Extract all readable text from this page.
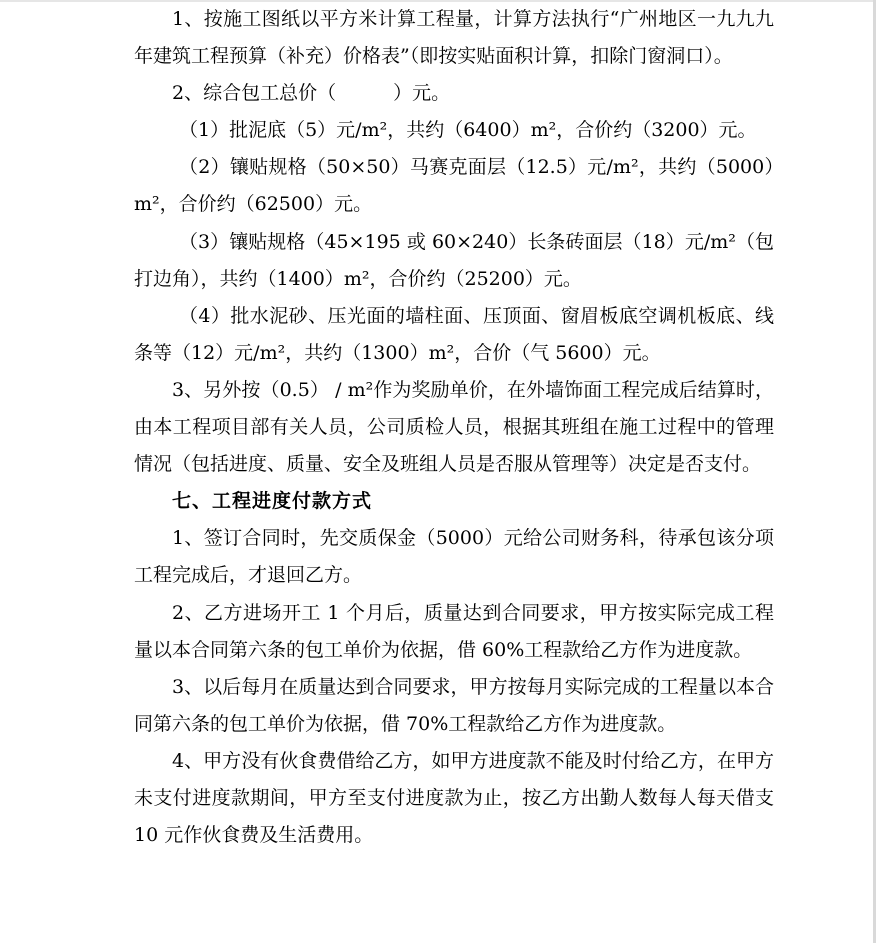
1、按施工图纸以平方米计算工程量，计算方法执行“广州地区一九九九年建筑工程预算（补充）价格表”（即按实贴面积计算，扣除门窗洞口）。

2、综合包工总价（　　　）元。

（1）批泥底（5）元/m²，共约（6400）m²，合价约（3200）元。

（2）镶贴规格（50×50）马赛克面层（12.5）元/m²，共约（5000）m²，合价约（62500）元。

（3）镶贴规格（45×195 或 60×240）长条砖面层（18）元/m²（包打边角），共约（1400）m²，合价约（25200）元。

（4）批水泥砂、压光面的墙柱面、压顶面、窗眉板底空调机板底、线条等（12）元/m²，共约（1300）m²，合价（气 5600）元。

3、另外按（0.5） / m²作为奖励单价，在外墙饰面工程完成后结算时，由本工程项目部有关人员，公司质检人员，根据其班组在施工过程中的管理情况（包括进度、质量、安全及班组人员是否服从管理等）决定是否支付。

七、工程进度付款方式

1、签订合同时，先交质保金（5000）元给公司财务科，待承包该分项工程完成后，才退回乙方。

2、乙方进场开工 1 个月后，质量达到合同要求，甲方按实际完成工程量以本合同第六条的包工单价为依据，借 60%工程款给乙方作为进度款。

3、以后每月在质量达到合同要求，甲方按每月实际完成的工程量以本合同第六条的包工单价为依据，借 70%工程款给乙方作为进度款。

4、甲方没有伙食费借给乙方，如甲方进度款不能及时付给乙方，在甲方未支付进度款期间，甲方至支付进度款为止，按乙方出勤人数每人每天借支 10 元作伙食费及生活费用。
